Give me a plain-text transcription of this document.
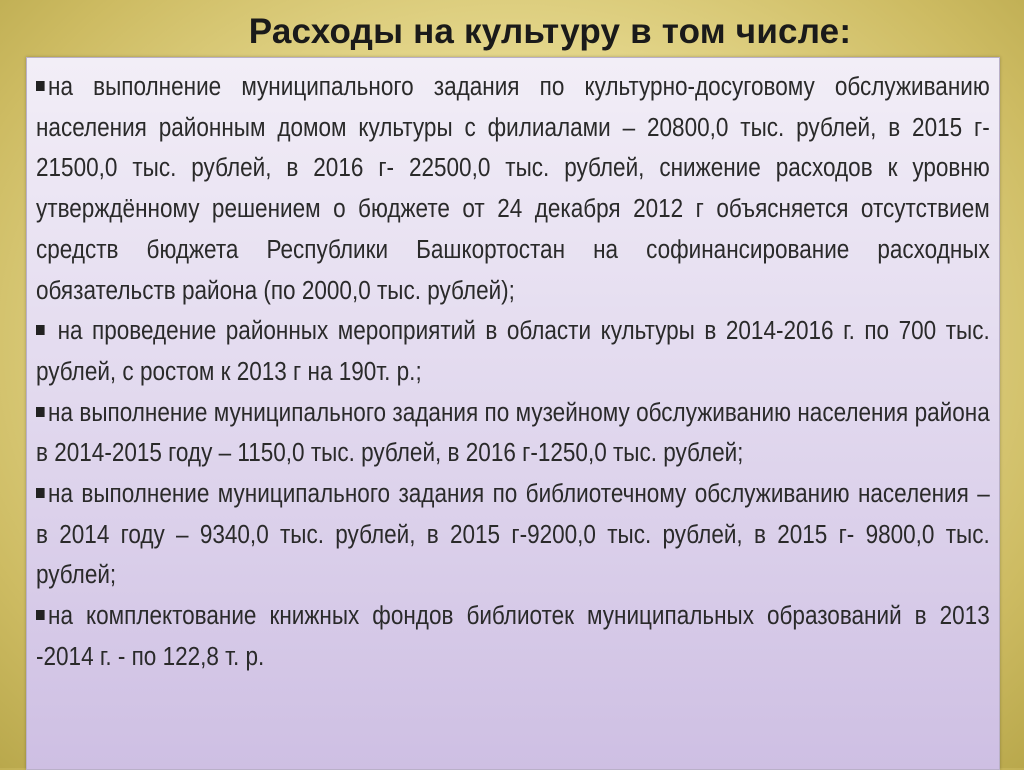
Расходы на культуру в том числе:

на выполнение муниципального задания по культурно-досуговому обслуживанию населения районным домом культуры с филиалами – 20800,0 тыс. рублей, в 2015 г- 21500,0 тыс. рублей, в 2016 г- 22500,0 тыс. рублей, снижение расходов к уровню утверждённому решением о бюджете от 24 декабря 2012 г объясняется отсутствием средств бюджета Республики Башкортостан на софинансирование расходных обязательств района (по 2000,0 тыс. рублей);

на проведение районных мероприятий в области культуры в 2014-2016 г. по 700 тыс. рублей, с ростом к 2013 г на 190т. р.;

на выполнение муниципального задания по музейному обслуживанию населения района в 2014-2015 году – 1150,0 тыс. рублей, в 2016 г-1250,0 тыс. рублей;

на выполнение муниципального задания по библиотечному обслуживанию населения – в 2014 году – 9340,0 тыс. рублей, в 2015 г-9200,0 тыс. рублей, в 2015 г- 9800,0 тыс. рублей;

на комплектование книжных фондов библиотек муниципальных образований в 2013 -2014 г. - по 122,8 т. р.
